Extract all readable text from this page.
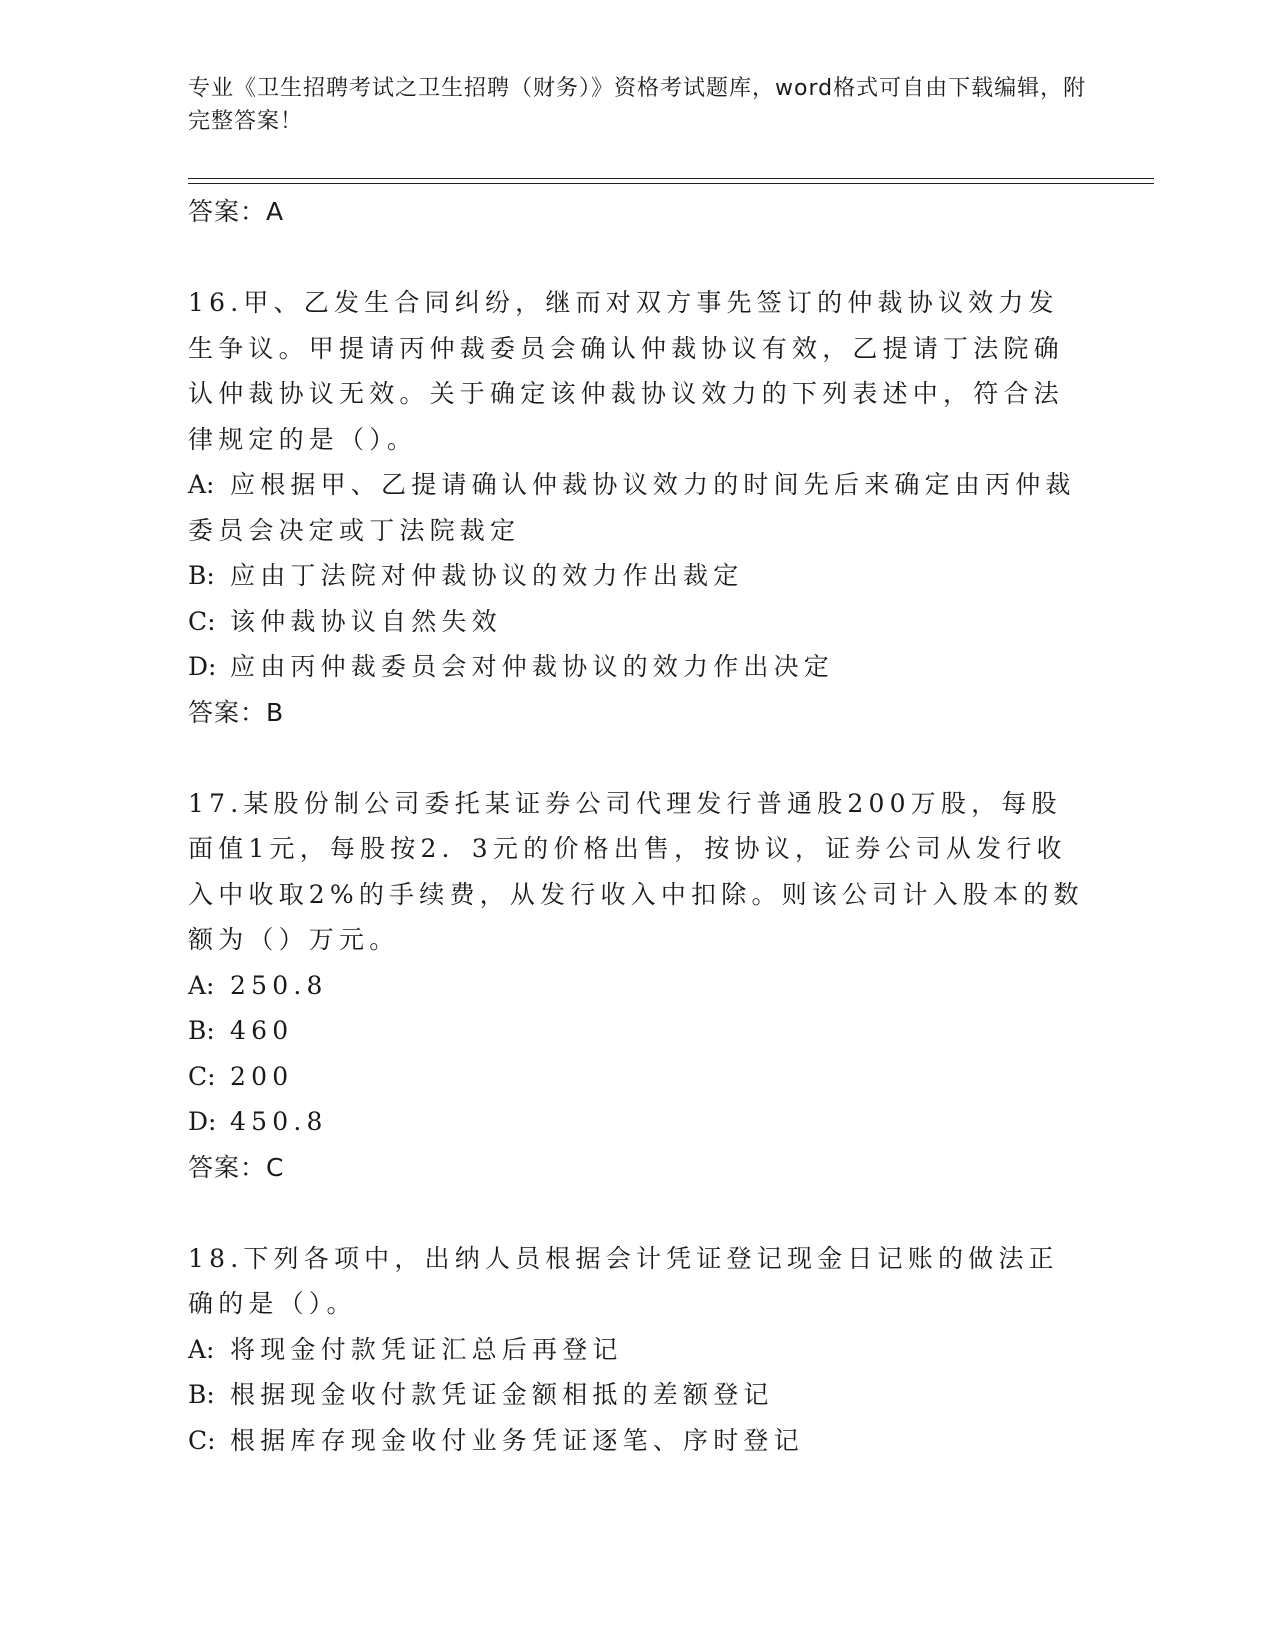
专业《卫生招聘考试之卫生招聘（财务）》资格考试题库，word格式可自由下载编辑，附完整答案！
答案：A
16.甲、乙发生合同纠纷，继而对双方事先签订的仲裁协议效力发生争议。甲提请丙仲裁委员会确认仲裁协议有效，乙提请丁法院确认仲裁协议无效。关于确定该仲裁协议效力的下列表述中，符合法律规定的是（）。
A: 应根据甲、乙提请确认仲裁协议效力的时间先后来确定由丙仲裁委员会决定或丁法院裁定
B: 应由丁法院对仲裁协议的效力作出裁定
C: 该仲裁协议自然失效
D: 应由丙仲裁委员会对仲裁协议的效力作出决定
答案：B
17.某股份制公司委托某证券公司代理发行普通股200万股，每股面值1元，每股按2．3元的价格出售，按协议，证券公司从发行收入中收取2%的手续费，从发行收入中扣除。则该公司计入股本的数额为（）万元。
A: 250.8
B: 460
C: 200
D: 450.8
答案：C
18.下列各项中，出纳人员根据会计凭证登记现金日记账的做法正确的是（）。
A: 将现金付款凭证汇总后再登记
B: 根据现金收付款凭证金额相抵的差额登记
C: 根据库存现金收付业务凭证逐笔、序时登记
